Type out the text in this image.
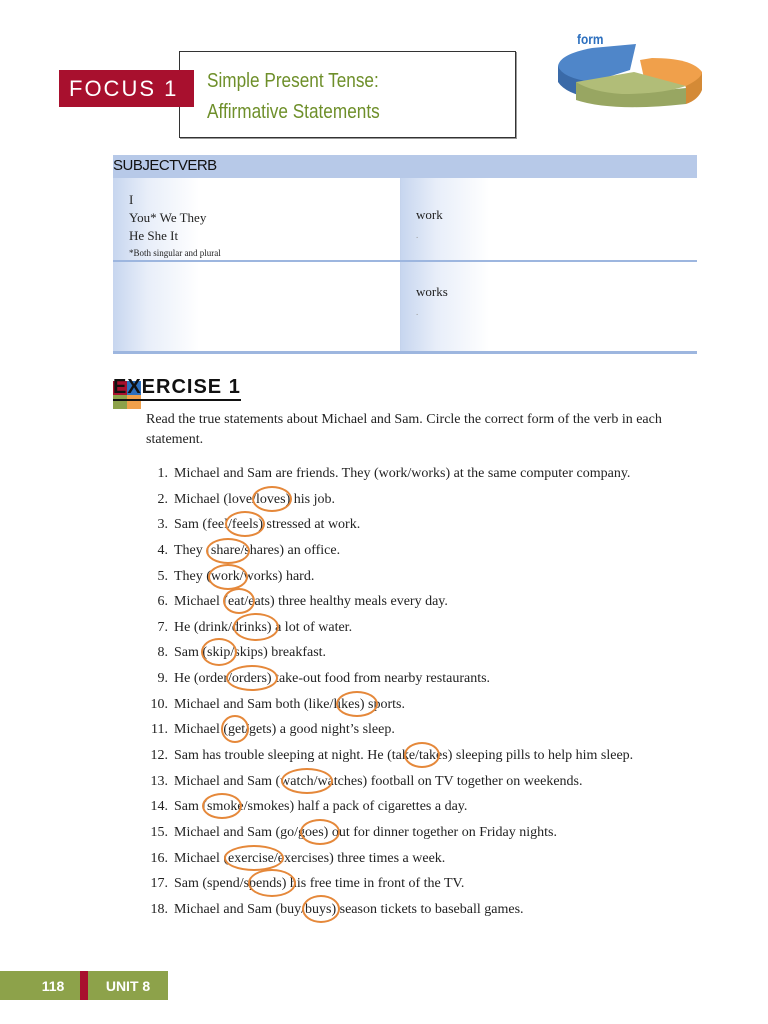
Simple Present Tense:
Affirmative Statements
FOCUS 1
form
SUBJECTVERB
I
You* We They
He She It
*Both singular and plural
work
.
works
.
EXERCISE 1
Read the true statements about Michael and Sam. Circle the correct form of the verb in each statement.
1. Michael and Sam are friends. They (work/works) at the same computer company.
2. Michael (love/loves) his job.
3. Sam (feel/feels) stressed at work.
4. They (share/shares) an office.
5. They (work/works) hard.
6. Michael (eat/eats) three healthy meals every day.
7. He (drink/drinks) a lot of water.
8. Sam (skip/skips) breakfast.
9. He (order/orders) take-out food from nearby restaurants.
10. Michael and Sam both (like/likes) sports.
11. Michael (get/gets) a good night’s sleep.
12. Sam has trouble sleeping at night. He (take/takes) sleeping pills to help him sleep.
13. Michael and Sam (watch/watches) football on TV together on weekends.
14. Sam (smoke/smokes) half a pack of cigarettes a day.
15. Michael and Sam (go/goes) out for dinner together on Friday nights.
16. Michael (exercise/exercises) three times a week.
17. Sam (spend/spends) his free time in front of the TV.
18. Michael and Sam (buy/buys) season tickets to baseball games.
118	UNIT 8
